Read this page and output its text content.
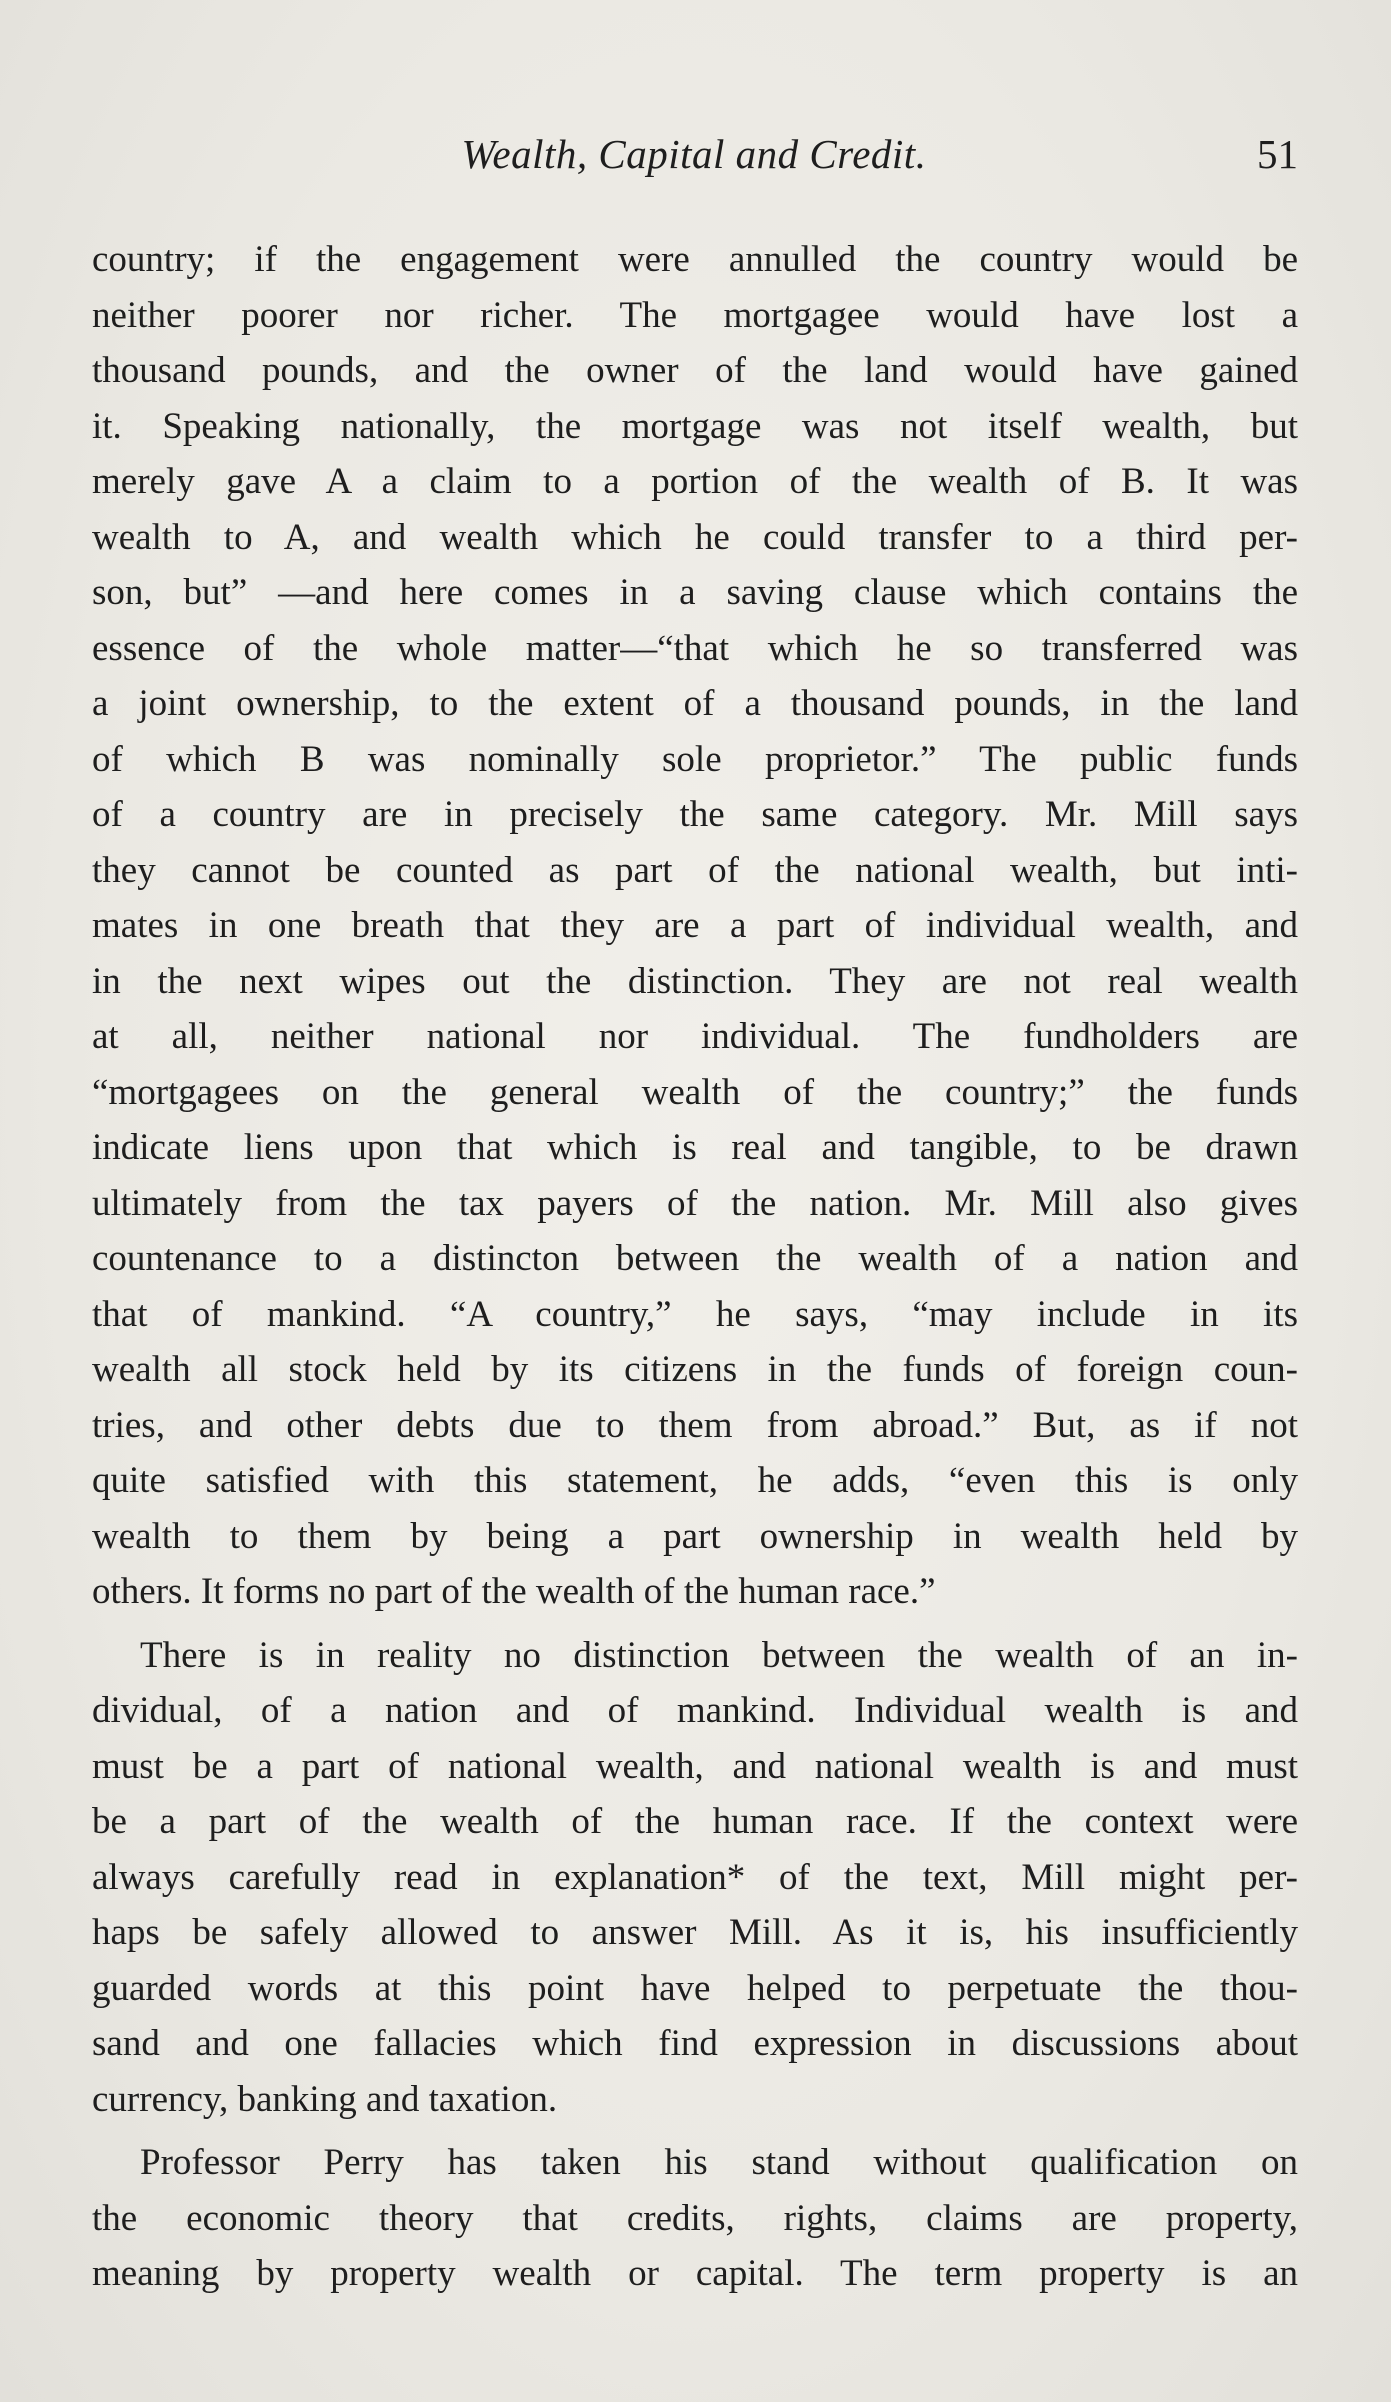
Wealth, Capital and Credit.	51
country; if the engagement were annulled the country would be
neither poorer nor richer. The mortgagee would have lost a
thousand pounds, and the owner of the land would have gained
it. Speaking nationally, the mortgage was not itself wealth, but
merely gave A a claim to a portion of the wealth of B. It was
wealth to A, and wealth which he could transfer to a third per-
son, but” —and here comes in a saving clause which contains the
essence of the whole matter—“that which he so transferred was
a joint ownership, to the extent of a thousand pounds, in the land
of which B was nominally sole proprietor.” The public funds
of a country are in precisely the same category. Mr. Mill says
they cannot be counted as part of the national wealth, but inti-
mates in one breath that they are a part of individual wealth, and
in the next wipes out the distinction. They are not real wealth
at all, neither national nor individual. The fundholders are
“mortgagees on the general wealth of the country;” the funds
indicate liens upon that which is real and tangible, to be drawn
ultimately from the tax payers of the nation. Mr. Mill also gives
countenance to a distincton between the wealth of a nation and
that of mankind. “A country,” he says, “may include in its
wealth all stock held by its citizens in the funds of foreign coun-
tries, and other debts due to them from abroad.” But, as if not
quite satisfied with this statement, he adds, “even this is only
wealth to them by being a part ownership in wealth held by
others. It forms no part of the wealth of the human race.”
There is in reality no distinction between the wealth of an in-
dividual, of a nation and of mankind. Individual wealth is and
must be a part of national wealth, and national wealth is and must
be a part of the wealth of the human race. If the context were
always carefully read in explanation* of the text, Mill might per-
haps be safely allowed to answer Mill. As it is, his insufficiently
guarded words at this point have helped to perpetuate the thou-
sand and one fallacies which find expression in discussions about
currency, banking and taxation.
Professor Perry has taken his stand without qualification on
the economic theory that credits, rights, claims are property,
meaning by property wealth or capital. The term property is an
